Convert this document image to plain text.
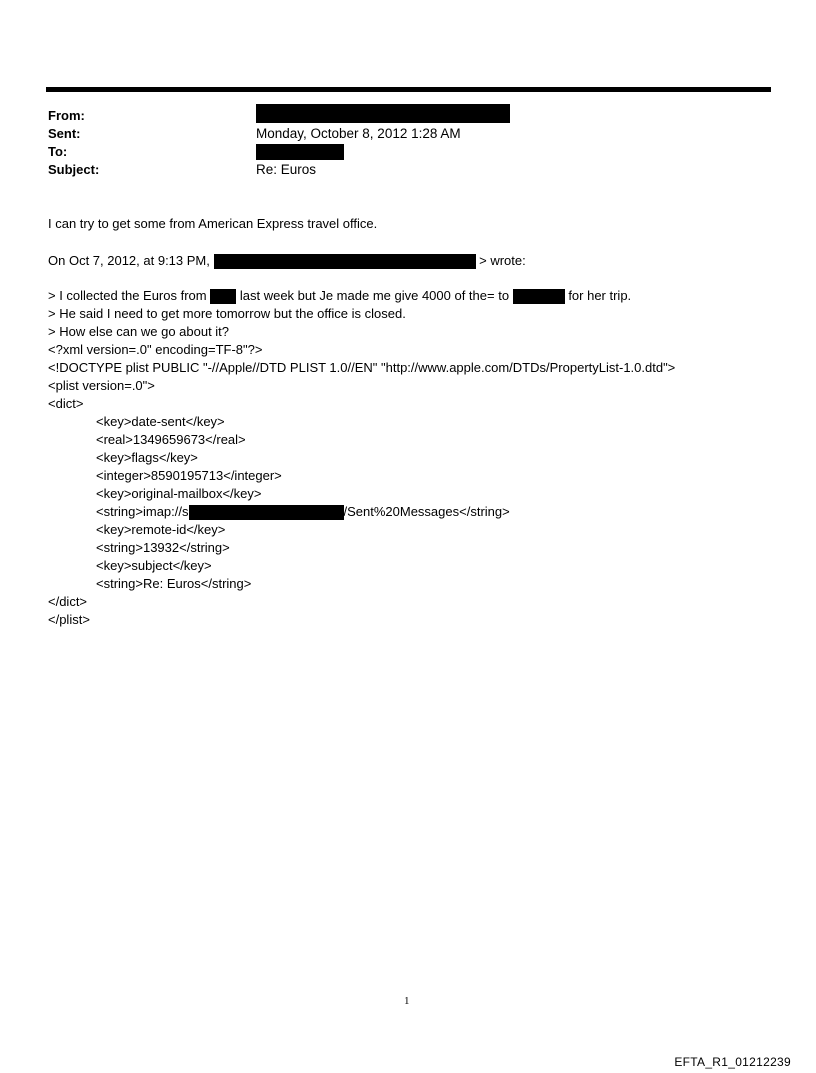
From:
Sent:	Monday, October 8, 2012 1:28 AM
To:
Subject:	Re: Euros
I can try to get some from American Express travel office.
On Oct 7, 2012, at 9:13 PM,	> wrote:
> I collected the Euros from	last week but Je made me give 4000 of the= to	for her trip.
> He said I need to get more tomorrow but the office is closed.
> How else can we go about it?
<?xml version=.0" encoding=TF-8"?>
<!DOCTYPE plist PUBLIC "-//Apple//DTD PLIST 1.0//EN" "http://www.apple.com/DTDs/PropertyList-1.0.dtd">
<plist version=.0">
<dict>
<key>date-sent</key>
<real>1349659673</real>
<key>flags</key>
<integer>8590195713</integer>
<key>original-mailbox</key>
<string>imap://s	/Sent%20Messages</string>
<key>remote-id</key>
<string>13932</string>
<key>subject</key>
<string>Re: Euros</string>
</dict>
</plist>
1
EFTA_R1_01212239
